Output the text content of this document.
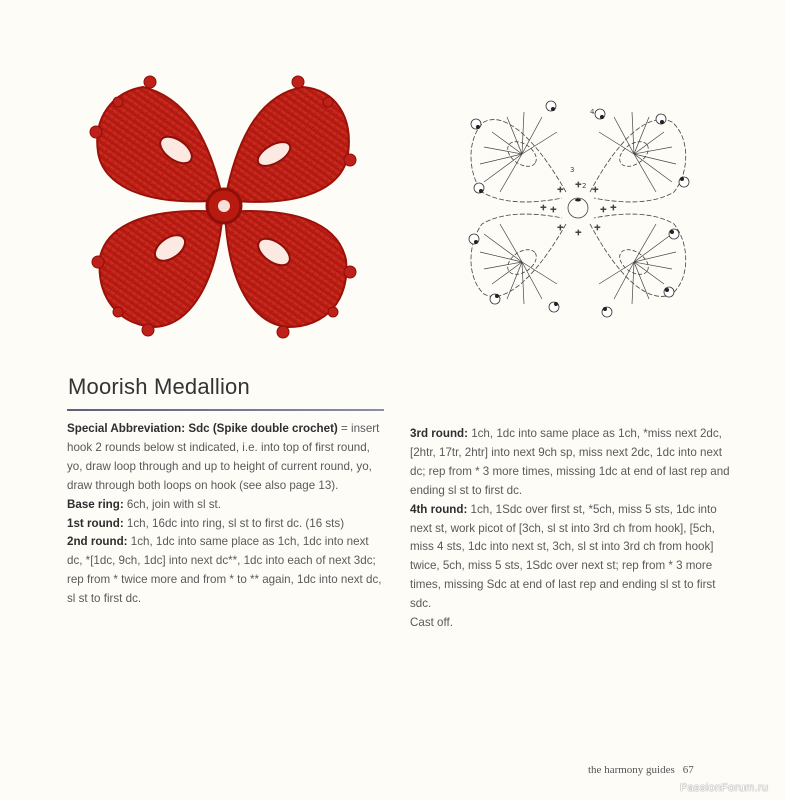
+	+
+	+
+	+
+
+
+	+
2
3
4
Moorish Medallion

Special Abbreviation: Sdc (Spike double crochet) = insert hook 2 rounds below st indicated, i.e. into top of first round, yo, draw loop through and up to height of current round, yo, draw through both loops on hook (see also page 13).

Base ring: 6ch, join with sl st.

1st round: 1ch, 16dc into ring, sl st to first dc. (16 sts)

2nd round: 1ch, 1dc into same place as 1ch, 1dc into next dc, *[1dc, 9ch, 1dc] into next dc**, 1dc into each of next 3dc; rep from * twice more and from * to ** again, 1dc into next dc, sl st to first dc.

3rd round: 1ch, 1dc into same place as 1ch, *miss next 2dc, [2htr, 17tr, 2htr] into next 9ch sp, miss next 2dc, 1dc into next dc; rep from * 3 more times, missing 1dc at end of last rep and ending sl st to first dc.

4th round: 1ch, 1Sdc over first st, *5ch, miss 5 sts, 1dc into next st, work picot of [3ch, sl st into 3rd ch from hook], [5ch, miss 4 sts, 1dc into next st, 3ch, sl st into 3rd ch from hook] twice, 5ch, miss 5 sts, 1Sdc over next st; rep from * 3 more times, missing Sdc at end of last rep and ending sl st to first sdc.

Cast off.

the harmony guides 67
PassionForum.ru
